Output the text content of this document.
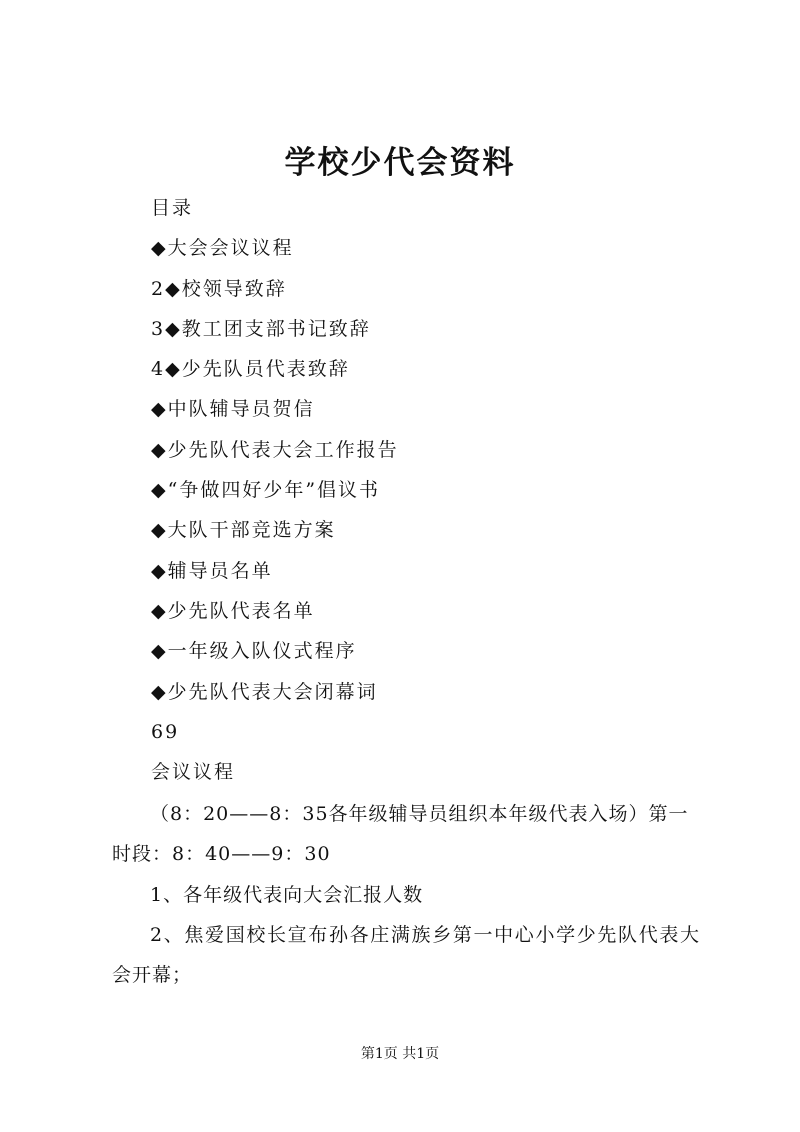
学校少代会资料
目录
◆大会会议议程
2◆校领导致辞
3◆教工团支部书记致辞
4◆少先队员代表致辞
◆中队辅导员贺信
◆少先队代表大会工作报告
◆“争做四好少年”倡议书
◆大队干部竞选方案
◆辅导员名单
◆少先队代表名单
◆一年级入队仪式程序
◆少先队代表大会闭幕词
69
会议议程

（8：20——8：35各年级辅导员组织本年级代表入场）第一时段：8：40——9：30

1、各年级代表向大会汇报人数

2、焦爱国校长宣布孙各庄满族乡第一中心小学少先队代表大会开幕；

第1页 共1页
